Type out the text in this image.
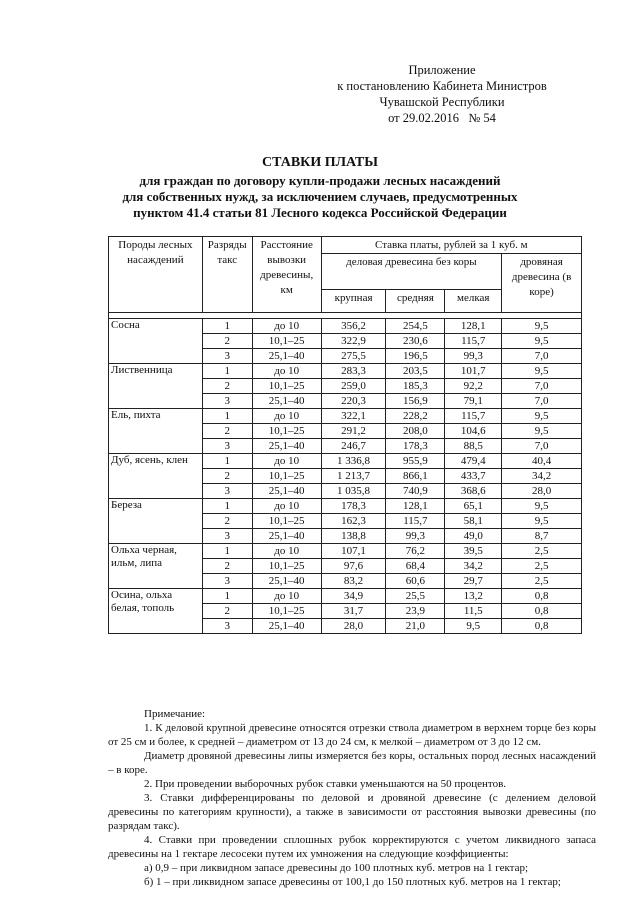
Приложение
к постановлению Кабинета Министров
Чувашской Республики
от 29.02.2016   № 54
СТАВКИ ПЛАТЫ
для граждан по договору купли-продажи лесных насаждений
для собственных нужд, за исключением случаев, предусмотренных
пунктом 41.4 статьи 81 Лесного кодекса Российской Федерации
Породы лесных насаждений	Разряды такс	Расстояние вывозки древесины, км	Ставка платы, рублей за 1 куб. м			
			деловая древесина без коры			дровяная древесина (в коре)
			крупная	средняя	мелкая	

Сосна	1	до 10	356,2	254,5	128,1	9,5
	2	10,1–25	322,9	230,6	115,7	9,5
	3	25,1–40	275,5	196,5	99,3	7,0
Лиственница	1	до 10	283,3	203,5	101,7	9,5
	2	10,1–25	259,0	185,3	92,2	7,0
	3	25,1–40	220,3	156,9	79,1	7,0
Ель, пихта	1	до 10	322,1	228,2	115,7	9,5
	2	10,1–25	291,2	208,0	104,6	9,5
	3	25,1–40	246,7	178,3	88,5	7,0
Дуб, ясень, клен	1	до 10	1 336,8	955,9	479,4	40,4
	2	10,1–25	1 213,7	866,1	433,7	34,2
	3	25,1–40	1 035,8	740,9	368,6	28,0
Береза	1	до 10	178,3	128,1	65,1	9,5
	2	10,1–25	162,3	115,7	58,1	9,5
	3	25,1–40	138,8	99,3	49,0	8,7
Ольха черная, ильм, липа	1	до 10	107,1	76,2	39,5	2,5
	2	10,1–25	97,6	68,4	34,2	2,5
	3	25,1–40	83,2	60,6	29,7	2,5
Осина, ольха белая, тополь	1	до 10	34,9	25,5	13,2	0,8
	2	10,1–25	31,7	23,9	11,5	0,8
	3	25,1–40	28,0	21,0	9,5	0,8

Примечание:

1. К деловой крупной древесине относятся отрезки ствола диаметром в верхнем торце без коры от 25 см и более, к средней – диаметром от 13 до 24 см, к мелкой – диаметром от 3 до 12 см.

Диаметр дровяной древесины липы измеряется без коры, остальных пород лесных насаждений – в коре.

2. При проведении выборочных рубок ставки уменьшаются на 50 процентов.

3. Ставки дифференцированы по деловой и дровяной древесине (с делением деловой древесины по категориям крупности), а также в зависимости от расстояния вывозки древесины (по разрядам такс).

4. Ставки при проведении сплошных рубок корректируются с учетом ликвидного запаса древесины на 1 гектаре лесосеки путем их умножения на следующие коэффициенты:

а) 0,9 – при ликвидном запасе древесины до 100 плотных куб. метров на 1 гектар;

б) 1 – при ликвидном запасе древесины от 100,1 до 150 плотных куб. метров на 1 гектар;
